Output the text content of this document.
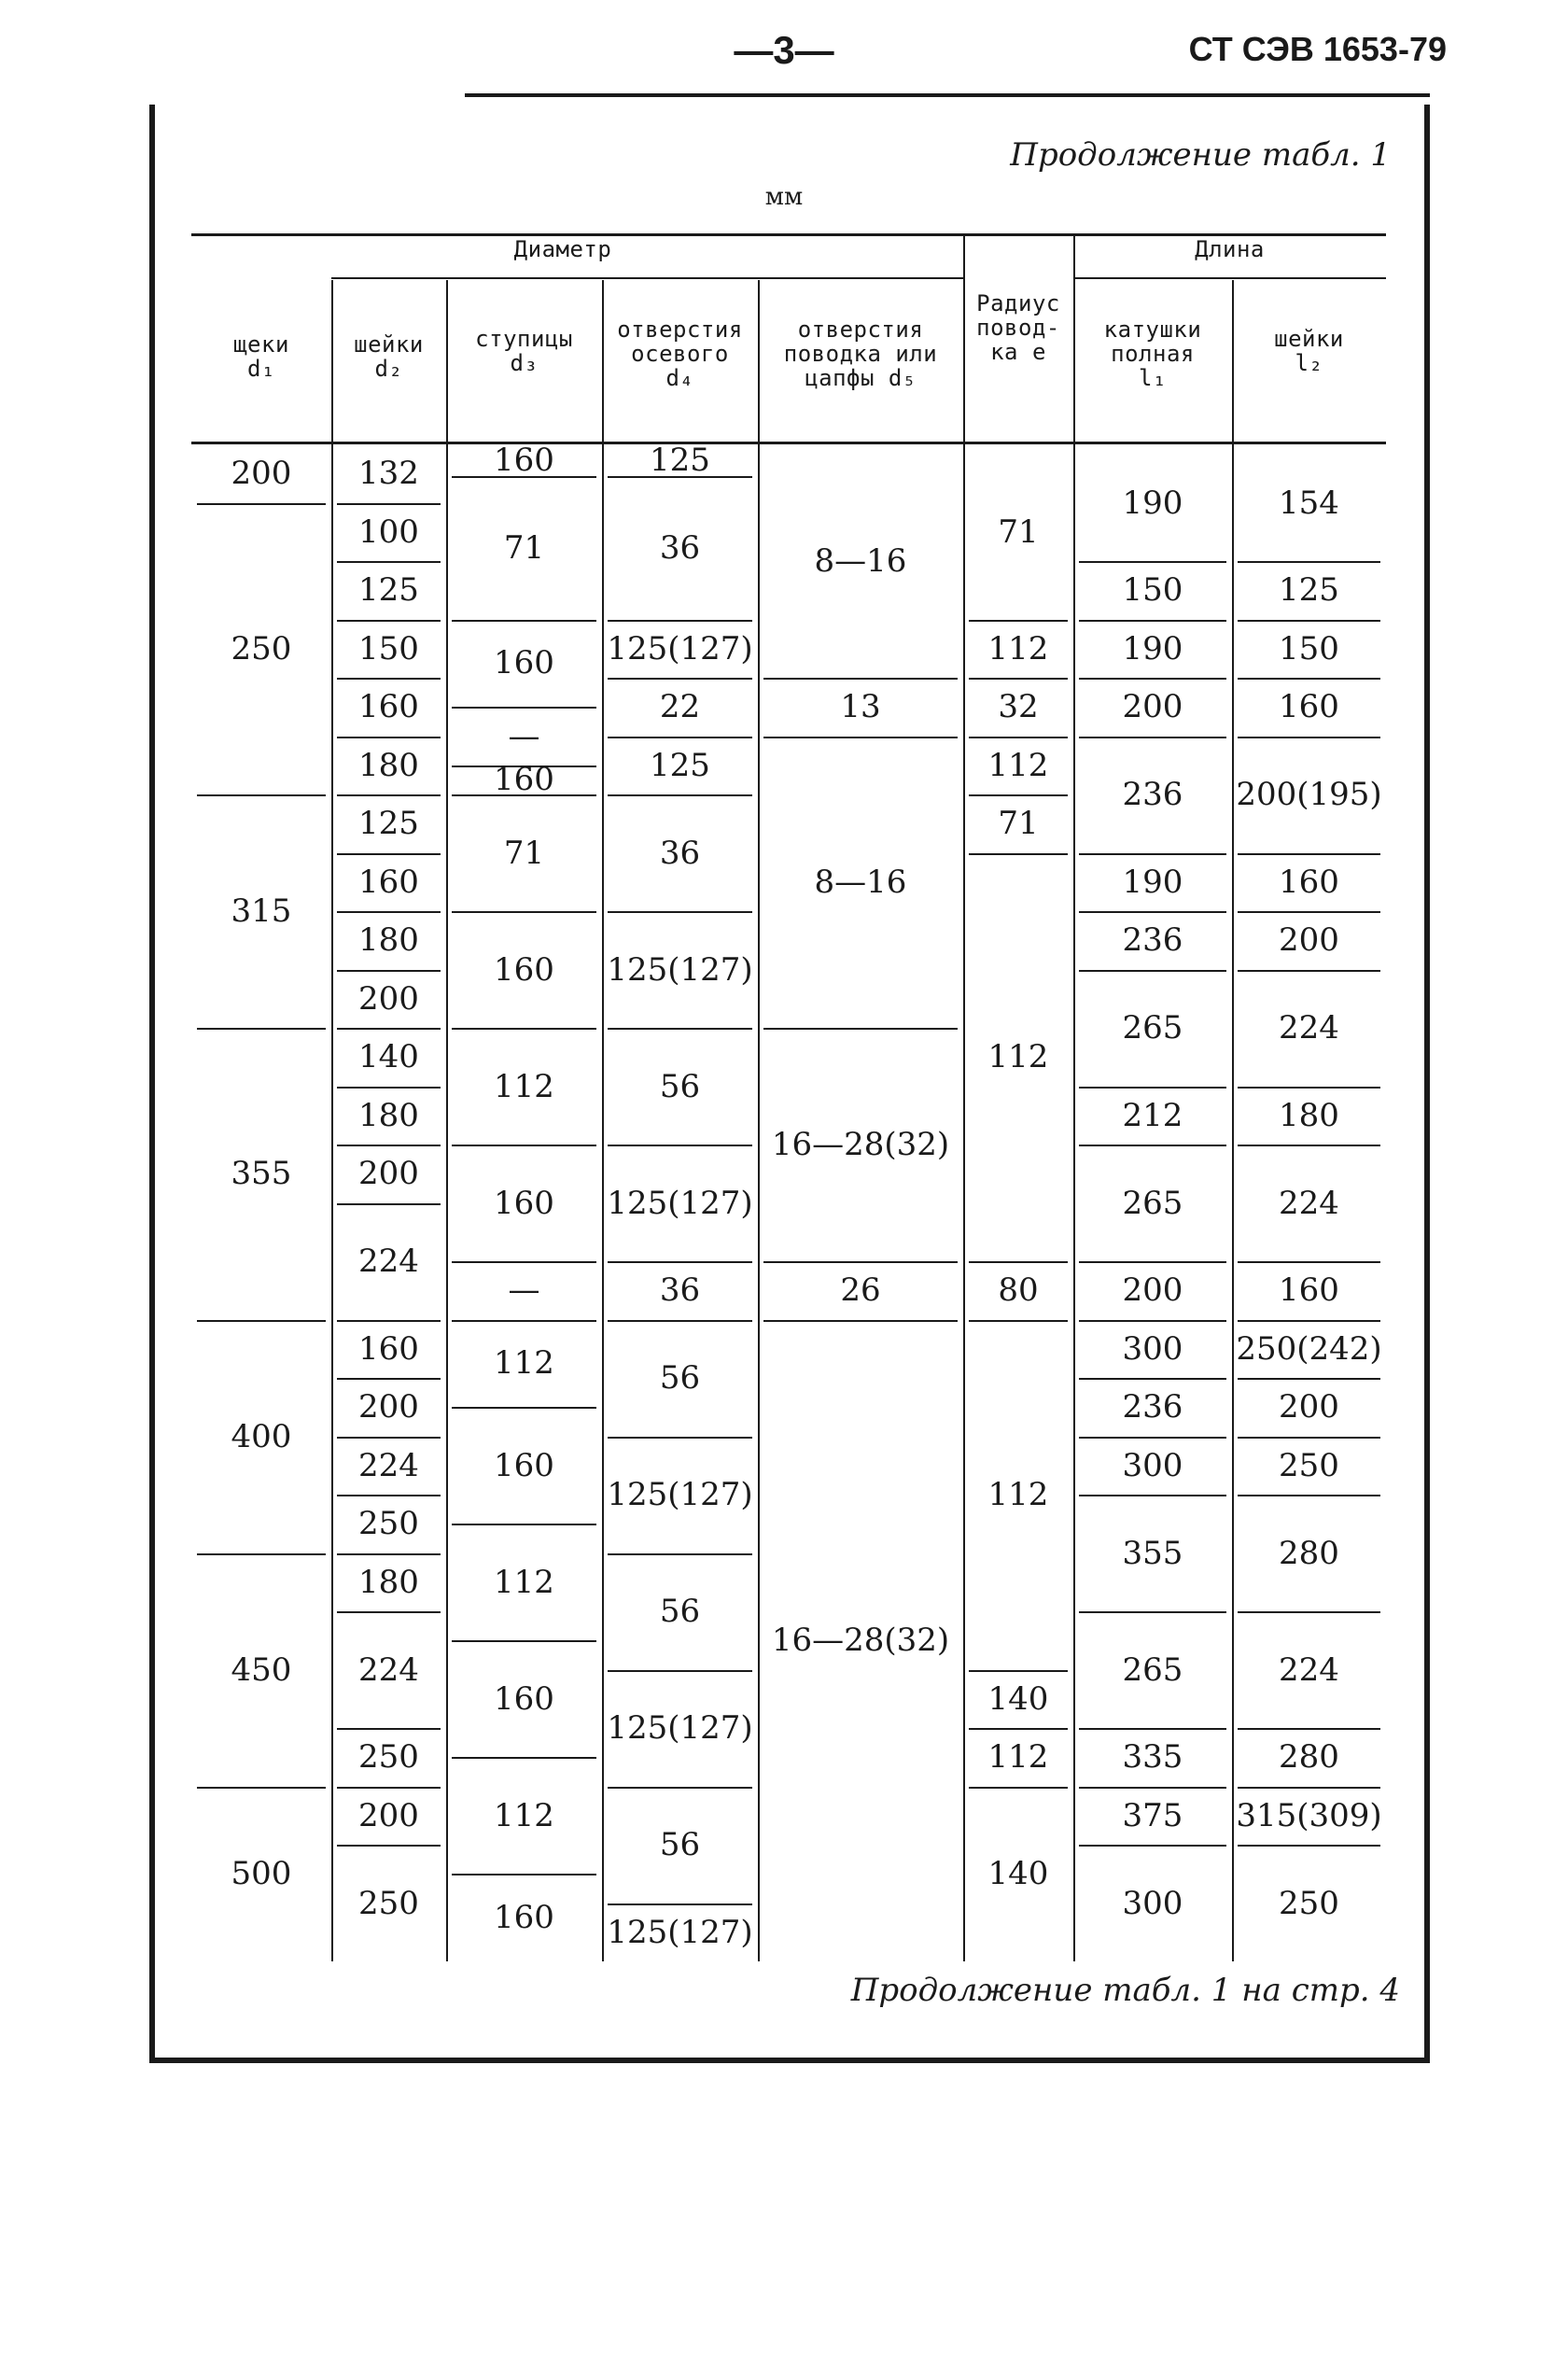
—3—	СТ СЭВ 1653-79
Продолжение табл. 1
мм
Диаметр	Длина
щеки
d₁
шейки
d₂
ступицы
d₃
отверстия
осевого
d₄
отверстия
поводка или
цапфы d₅
Радиус
повод-
ка e
катушки
полная
l₁
шейки
l₂
200
250
315
355
400
450
500
132
100
125
150
160
180
125
160
180
200
140
180
200
224
160
200
224
250
180
224
250
200
250
160
71
160
—
160
71
160
112
160
—
112
160
112
160
112
160
125
36
125(127)
22
125
36
125(127)
56
125(127)
36
56
125(127)
56
125(127)
56
125(127)
8—16
13
8—16
16—28(32)
26
16—28(32)
71
112
32
112
71
112
80
112
140
112
140
190
150
190
200
236
190
236
265
212
265
200
300
236
300
355
265
335
375
300
154
125
150
160
200(195)
160
200
224
180
224
160
250(242)
200
250
280
224
280
315(309)
250
Продолжение табл. 1 на стр. 4
